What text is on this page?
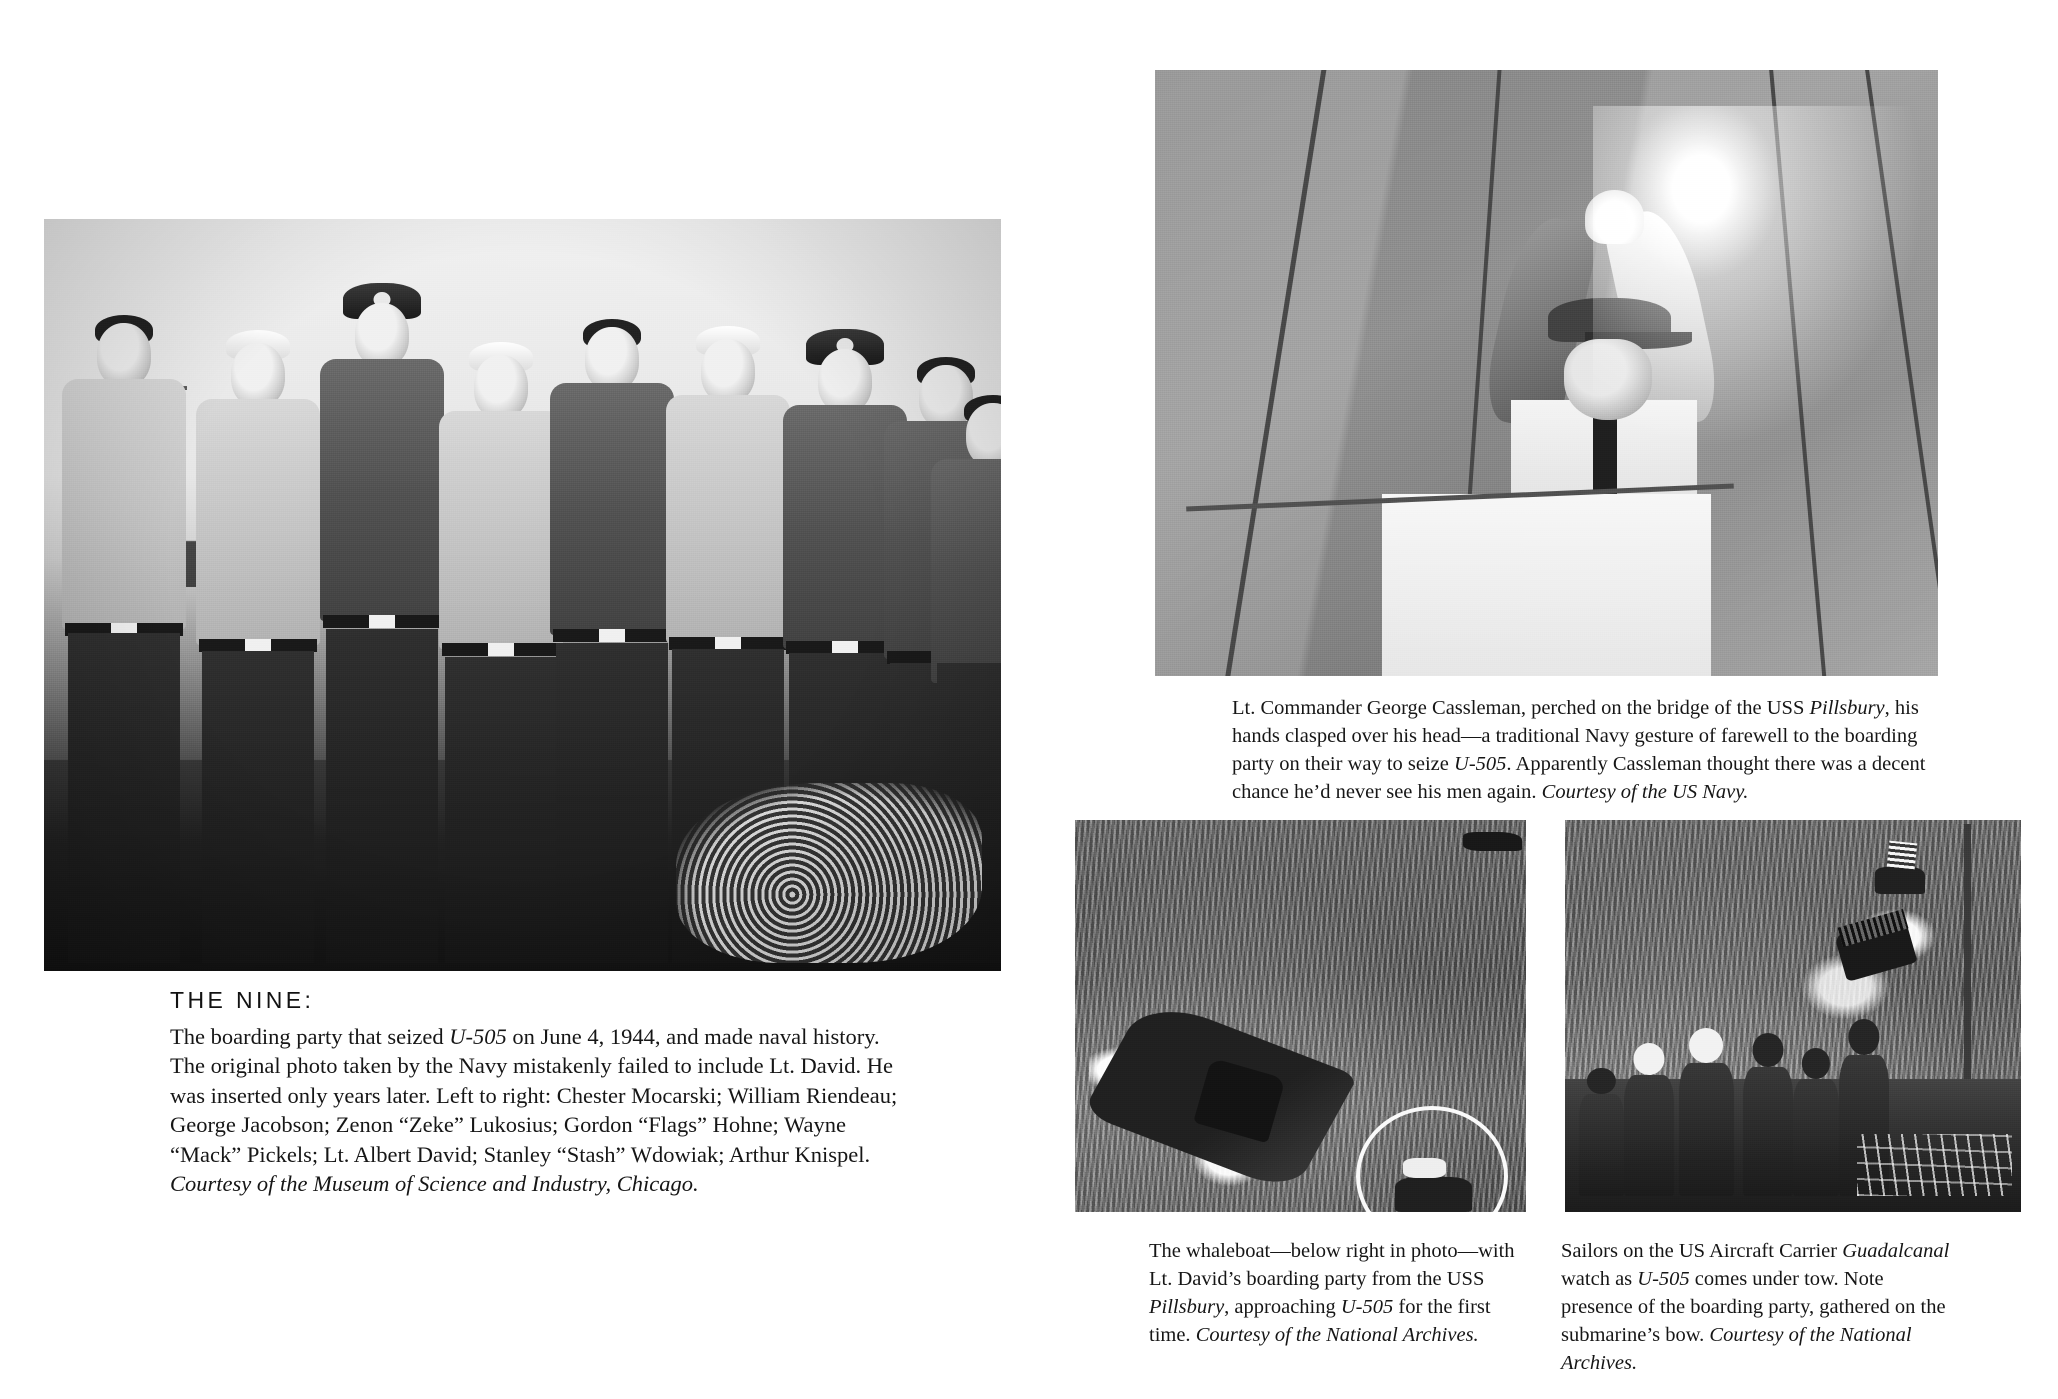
THE NINE:
The boarding party that seized U-505 on June 4, 1944, and made naval history. The original photo taken by the Navy mistakenly failed to include Lt. David. He was inserted only years later. Left to right: Chester Mocarski; William Riendeau; George Jacobson; Zenon “Zeke” Lukosius; Gordon “Flags” Hohne; Wayne “Mack” Pickels; Lt. Albert David; Stanley “Stash” Wdowiak; Arthur Knispel. Courtesy of the Museum of Science and Industry, Chicago.
Lt. Commander George Cassleman, perched on the bridge of the USS Pillsbury, his hands clasped over his head—a traditional Navy gesture of farewell to the boarding party on their way to seize U-505. Apparently Cassleman thought there was a decent chance he’d never see his men again. Courtesy of the US Navy.
The whaleboat—below right in photo—with Lt. David’s boarding party from the USS Pillsbury, approaching U-505 for the first time. Courtesy of the National Archives.
Sailors on the US Aircraft Carrier Guadalcanal watch as U-505 comes under tow. Note presence of the boarding party, gathered on the submarine’s bow. Courtesy of the National Archives.
